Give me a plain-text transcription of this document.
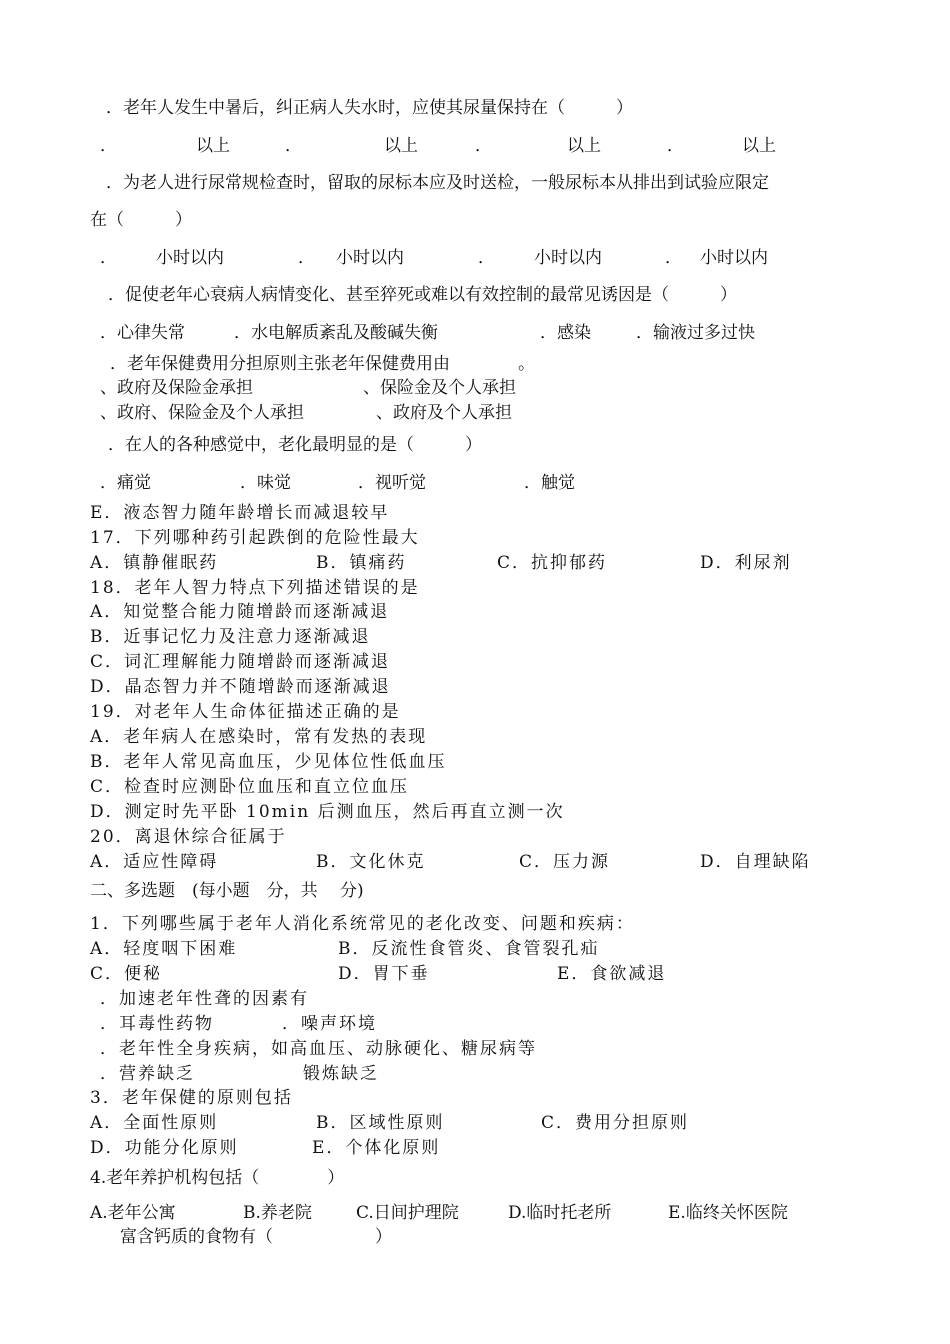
．老年人发生中暑后，纠正病人失水时，应使其尿量保持在（　　　）
．	以上	．	以上	．	以上	．	以上
．为老人进行尿常规检查时，留取的尿标本应及时送检，一般尿标本从排出到试验应限定
在（　　　）
． 小时以内	． 小时以内	． 小时以内	． 小时以内
．促使老年心衰病人病情变化、甚至猝死或难以有效控制的最常见诱因是（　　　）
．心律失常	．水电解质紊乱及酸碱失衡	．感染	．输液过多过快
．老年保健费用分担原则主张老年保健费用由　　　　。
、政府及保险金承担	、保险金及个人承担
、政府、保险金及个人承担	、政府及个人承担
．在人的各种感觉中，老化最明显的是（　　　）
．痛觉	．味觉	．视听觉	．触觉
E．液态智力随年龄增长而减退较早
17．下列哪种药引起跌倒的危险性最大
A．镇静催眠药	B．镇痛药	C．抗抑郁药	D．利尿剂
18．老年人智力特点下列描述错误的是
A．知觉整合能力随增龄而逐渐减退
B．近事记忆力及注意力逐渐减退
C．词汇理解能力随增龄而逐渐减退
D．晶态智力并不随增龄而逐渐减退
19．对老年人生命体征描述正确的是
A．老年病人在感染时，常有发热的表现
B．老年人常见高血压，少见体位性低血压
C．检查时应测卧位血压和直立位血压
D．测定时先平卧 10min 后测血压，然后再直立测一次
20．离退休综合征属于
A．适应性障碍	B．文化休克	C．压力源	D．自理缺陷
二、多选题　(每小题　分，共　 分)
1．下列哪些属于老年人消化系统常见的老化改变、问题和疾病：
A．轻度咽下困难	B．反流性食管炎、食管裂孔疝
C．便秘	D．胃下垂	E．食欲减退
．加速老年性聋的因素有
．耳毒性药物	．噪声环境
．老年性全身疾病，如高血压、动脉硬化、糖尿病等
．营养缺乏	锻炼缺乏
3．老年保健的原则包括
A．全面性原则	B．区域性原则	C．费用分担原则
D．功能分化原则	E．个体化原则
4.老年养护机构包括（　　　　）
A.老年公寓	B.养老院	C.日间护理院	D.临时托老所	E.临终关怀医院
富含钙质的食物有（　　　　　　）
